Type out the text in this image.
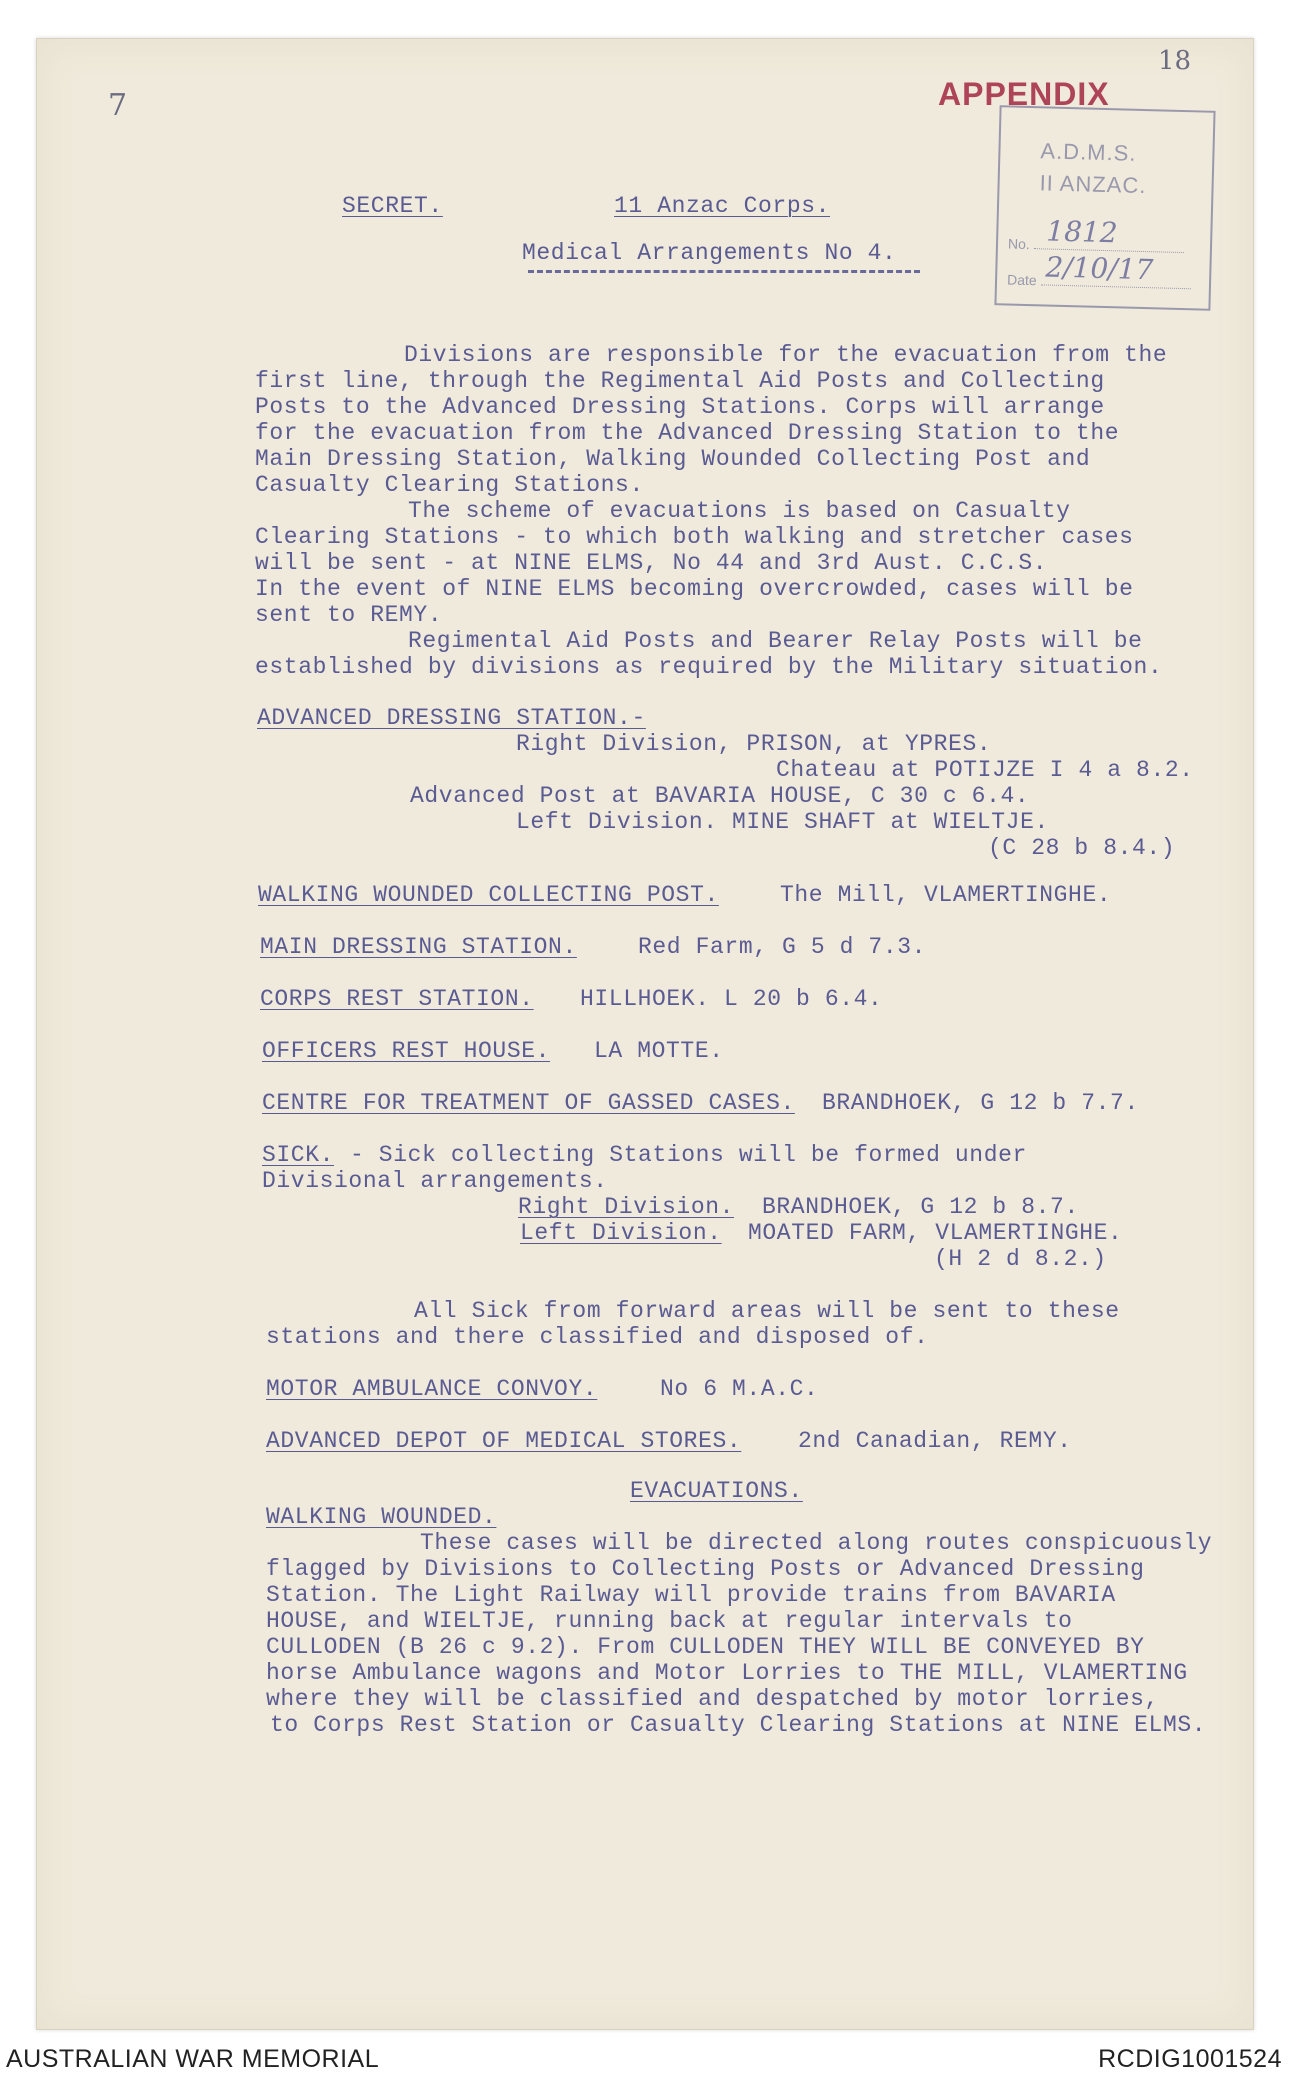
7
18
APPENDIX
A.D.M.S.
II ANZAC.
No. 1812
Date 2/10/17
SECRET.	11 Anzac Corps.
Medical Arrangements No 4.
Divisions are responsible for the evacuation from the
first line, through the Regimental Aid Posts and Collecting
Posts to the Advanced Dressing Stations. Corps will arrange
for the evacuation from the Advanced Dressing Station to the
Main Dressing Station, Walking Wounded Collecting Post and
Casualty Clearing Stations.
The scheme of evacuations is based on Casualty
Clearing Stations - to which both walking and stretcher cases
will be sent - at NINE ELMS, No 44 and 3rd Aust. C.C.S.
In the event of NINE ELMS becoming overcrowded, cases will be
sent to REMY.
Regimental Aid Posts and Bearer Relay Posts will be
established by divisions as required by the Military situation.
ADVANCED DRESSING STATION.-
Right Division, PRISON, at YPRES.
Chateau at POTIJZE I 4 a 8.2.
Advanced Post at BAVARIA HOUSE, C 30 c 6.4.
Left Division. MINE SHAFT at WIELTJE.
(C 28 b 8.4.)
WALKING WOUNDED COLLECTING POST.	The Mill, VLAMERTINGHE.
MAIN DRESSING STATION.	Red Farm, G 5 d 7.3.
CORPS REST STATION. HILLHOEK. L 20 b 6.4.
OFFICERS REST HOUSE. LA MOTTE.
CENTRE FOR TREATMENT OF GASSED CASES. BRANDHOEK, G 12 b 7.7.
SICK. - Sick collecting Stations will be formed under
Divisional arrangements.
Right Division. BRANDHOEK, G 12 b 8.7.
Left Division. MOATED FARM, VLAMERTINGHE.
(H 2 d 8.2.)
All Sick from forward areas will be sent to these
stations and there classified and disposed of.
MOTOR AMBULANCE CONVOY.	No 6 M.A.C.
ADVANCED DEPOT OF MEDICAL STORES. 2nd Canadian, REMY.
EVACUATIONS.
WALKING WOUNDED.
These cases will be directed along routes conspicuously
flagged by Divisions to Collecting Posts or Advanced Dressing
Station. The Light Railway will provide trains from BAVARIA
HOUSE, and WIELTJE, running back at regular intervals to
CULLODEN (B 26 c 9.2). From CULLODEN THEY WILL BE CONVEYED BY
horse Ambulance wagons and Motor Lorries to THE MILL, VLAMERTING
where they will be classified and despatched by motor lorries,
to Corps Rest Station or Casualty Clearing Stations at NINE ELMS.
AUSTRALIAN WAR MEMORIAL	RCDIG1001524
